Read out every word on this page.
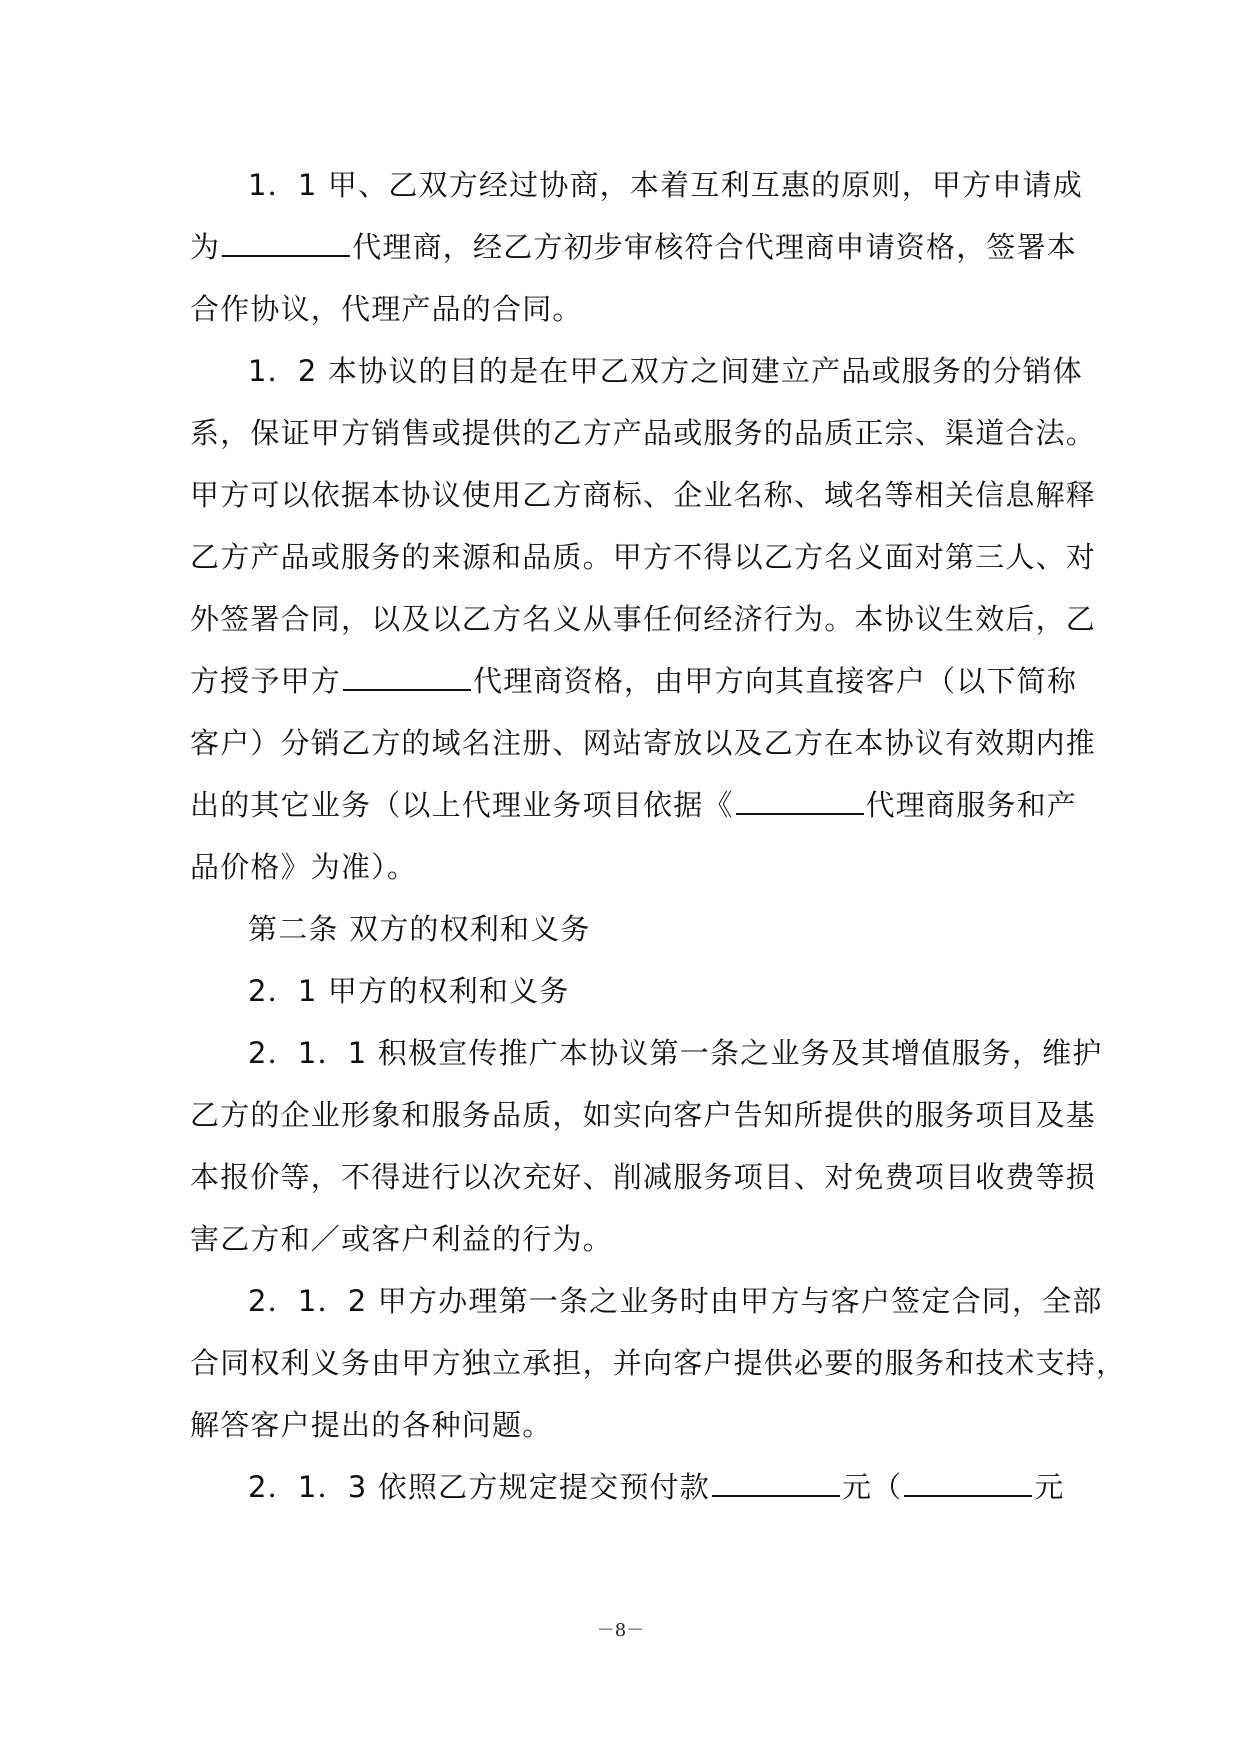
1．1 甲、乙双方经过协商，本着互利互惠的原则，甲方申请成
为	代理商，经乙方初步审核符合代理商申请资格，签署本
合作协议，代理产品的合同。
1．2 本协议的目的是在甲乙双方之间建立产品或服务的分销体
系，保证甲方销售或提供的乙方产品或服务的品质正宗、渠道合法。
甲方可以依据本协议使用乙方商标、企业名称、域名等相关信息解释
乙方产品或服务的来源和品质。甲方不得以乙方名义面对第三人、对
外签署合同，以及以乙方名义从事任何经济行为。本协议生效后，乙
方授予甲方	代理商资格，由甲方向其直接客户（以下简称
客户）分销乙方的域名注册、网站寄放以及乙方在本协议有效期内推
出的其它业务（以上代理业务项目依据《	代理商服务和产
品价格》为准）。
第二条 双方的权利和义务
2．1 甲方的权利和义务
2．1．1 积极宣传推广本协议第一条之业务及其增值服务，维护
乙方的企业形象和服务品质，如实向客户告知所提供的服务项目及基
本报价等，不得进行以次充好、削减服务项目、对免费项目收费等损
害乙方和／或客户利益的行为。
2．1．2 甲方办理第一条之业务时由甲方与客户签定合同，全部
合同权利义务由甲方独立承担，并向客户提供必要的服务和技术支持，
解答客户提出的各种问题。
2．1．3 依照乙方规定提交预付款	元（	元
－8－
